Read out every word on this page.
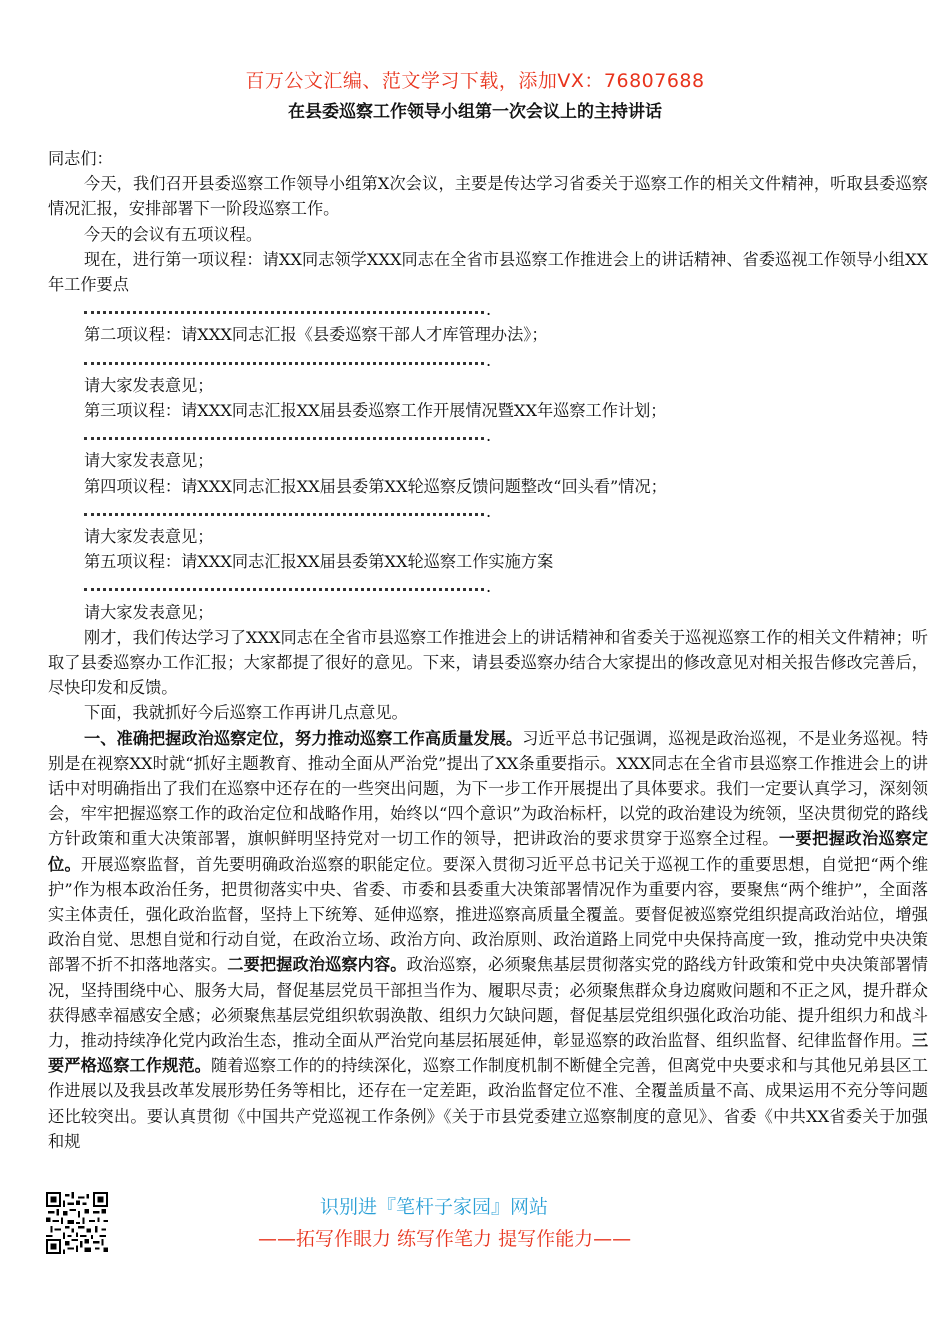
百万公文汇编、范文学习下载，添加VX：76807688
在县委巡察工作领导小组第一次会议上的主持讲话

同志们：

今天，我们召开县委巡察工作领导小组第X次会议，主要是传达学习省委关于巡察工作的相关文件精神，听取县委巡察情况汇报，安排部署下一阶段巡察工作。

今天的会议有五项议程。

现在，进行第一项议程：请XX同志领学XXX同志在全省市县巡察工作推进会上的讲话精神、省委巡视工作领导小组XX年工作要点

.

第二项议程：请XXX同志汇报《县委巡察干部人才库管理办法》；

.

请大家发表意见；

第三项议程：请XXX同志汇报XX届县委巡察工作开展情况暨XX年巡察工作计划；

.

请大家发表意见；

第四项议程：请XXX同志汇报XX届县委第XX轮巡察反馈问题整改“回头看”情况；

.

请大家发表意见；

第五项议程：请XXX同志汇报XX届县委第XX轮巡察工作实施方案

.

请大家发表意见；

刚才，我们传达学习了XXX同志在全省市县巡察工作推进会上的讲话精神和省委关于巡视巡察工作的相关文件精神；听取了县委巡察办工作汇报；大家都提了很好的意见。下来，请县委巡察办结合大家提出的修改意见对相关报告修改完善后，尽快印发和反馈。

下面，我就抓好今后巡察工作再讲几点意见。

一、准确把握政治巡察定位，努力推动巡察工作高质量发展。习近平总书记强调，巡视是政治巡视，不是业务巡视。特别是在视察XX时就“抓好主题教育、推动全面从严治党”提出了XX条重要指示。XXX同志在全省市县巡察工作推进会上的讲话中对明确指出了我们在巡察中还存在的一些突出问题，为下一步工作开展提出了具体要求。我们一定要认真学习，深刻领会，牢牢把握巡察工作的政治定位和战略作用，始终以“四个意识”为政治标杆，以党的政治建设为统领，坚决贯彻党的路线方针政策和重大决策部署，旗帜鲜明坚持党对一切工作的领导，把讲政治的要求贯穿于巡察全过程。一要把握政治巡察定位。开展巡察监督，首先要明确政治巡察的职能定位。要深入贯彻习近平总书记关于巡视工作的重要思想，自觉把“两个维护”作为根本政治任务，把贯彻落实中央、省委、市委和县委重大决策部署情况作为重要内容，要聚焦“两个维护”，全面落实主体责任，强化政治监督，坚持上下统筹、延伸巡察，推进巡察高质量全覆盖。要督促被巡察党组织提高政治站位，增强政治自觉、思想自觉和行动自觉，在政治立场、政治方向、政治原则、政治道路上同党中央保持高度一致，推动党中央决策部署不折不扣落地落实。二要把握政治巡察内容。政治巡察，必须聚焦基层贯彻落实党的路线方针政策和党中央决策部署情况，坚持围绕中心、服务大局，督促基层党员干部担当作为、履职尽责；必须聚焦群众身边腐败问题和不正之风，提升群众获得感幸福感安全感；必须聚焦基层党组织软弱涣散、组织力欠缺问题，督促基层党组织强化政治功能、提升组织力和战斗力，推动持续净化党内政治生态，推动全面从严治党向基层拓展延伸，彰显巡察的政治监督、组织监督、纪律监督作用。三要严格巡察工作规范。随着巡察工作的的持续深化，巡察工作制度机制不断健全完善，但离党中央要求和与其他兄弟县区工作进展以及我县改革发展形势任务等相比，还存在一定差距，政治监督定位不准、全覆盖质量不高、成果运用不充分等问题还比较突出。要认真贯彻《中国共产党巡视工作条例》《关于市县党委建立巡察制度的意见》、省委《中共XX省委关于加强和规

识别进『笔杆子家园』网站
——拓写作眼力 练写作笔力 提写作能力——
